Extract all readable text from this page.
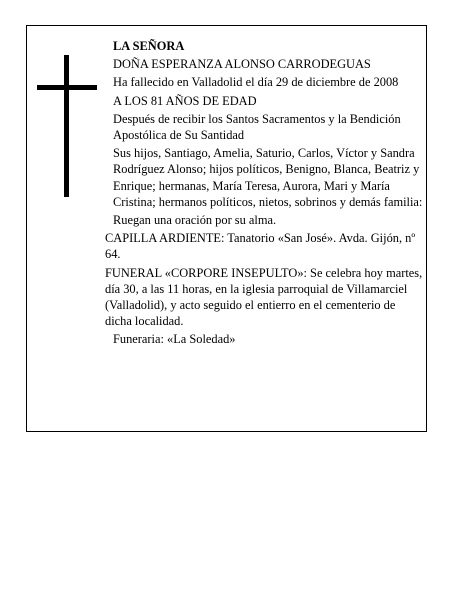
LA SEÑORA

DOÑA ESPERANZA ALONSO CARRODEGUAS

Ha fallecido en Valladolid el día 29 de diciembre de 2008

A LOS 81 AÑOS DE EDAD

Después de recibir los Santos Sacramentos y la Bendición Apostólica de Su Santidad

Sus hijos, Santiago, Amelia, Saturio, Carlos, Víctor y Sandra Rodríguez Alonso; hijos políticos, Benigno, Blanca, Beatriz y Enrique; hermanas, María Teresa, Aurora, Mari y María Cristina; hermanos políticos, nietos, sobrinos y demás familia:

Ruegan una oración por su alma.

CAPILLA ARDIENTE: Tanatorio «San José». Avda. Gijón, nº 64.

FUNERAL «CORPORE INSEPULTO»: Se celebra hoy martes, día 30, a las 11 horas, en la iglesia parroquial de Villamarciel (Valladolid), y acto seguido el entierro en el cementerio de dicha localidad.

Funeraria: «La Soledad»
